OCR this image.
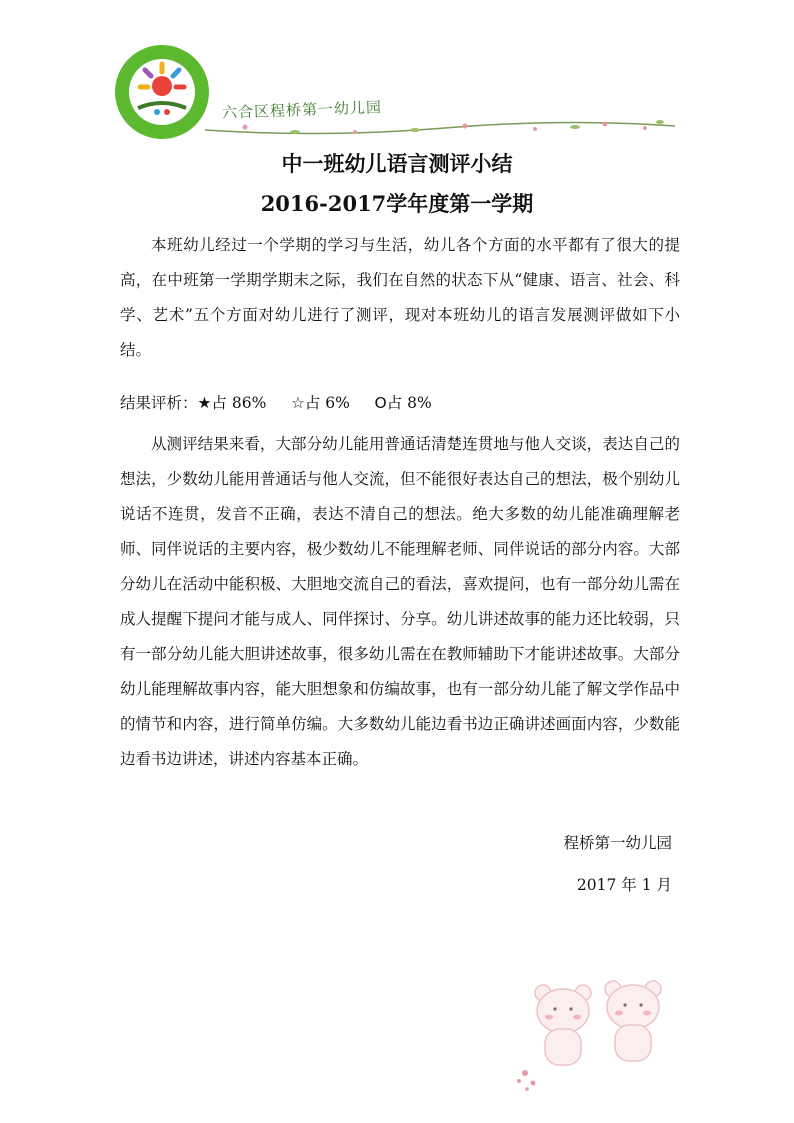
六合区程桥第一幼儿园
中一班幼儿语言测评小结
2016-2017学年度第一学期
本班幼儿经过一个学期的学习与生活，幼儿各个方面的水平都有了很大的提高，在中班第一学期学期末之际，我们在自然的状态下从“健康、语言、社会、科学、艺术”五个方面对幼儿进行了测评，现对本班幼儿的语言发展测评做如下小结。
结果评析：★占 86% ☆占 6% O占 8%
从测评结果来看，大部分幼儿能用普通话清楚连贯地与他人交谈，表达自己的想法，少数幼儿能用普通话与他人交流，但不能很好表达自己的想法，极个别幼儿说话不连贯，发音不正确，表达不清自己的想法。绝大多数的幼儿能准确理解老师、同伴说话的主要内容，极少数幼儿不能理解老师、同伴说话的部分内容。大部分幼儿在活动中能积极、大胆地交流自己的看法，喜欢提问，也有一部分幼儿需在成人提醒下提问才能与成人、同伴探讨、分享。幼儿讲述故事的能力还比较弱，只有一部分幼儿能大胆讲述故事，很多幼儿需在在教师辅助下才能讲述故事。大部分幼儿能理解故事内容，能大胆想象和仿编故事，也有一部分幼儿能了解文学作品中的情节和内容，进行简单仿编。大多数幼儿能边看书边正确讲述画面内容，少数能边看书边讲述，讲述内容基本正确。
程桥第一幼儿园
2017 年 1 月
